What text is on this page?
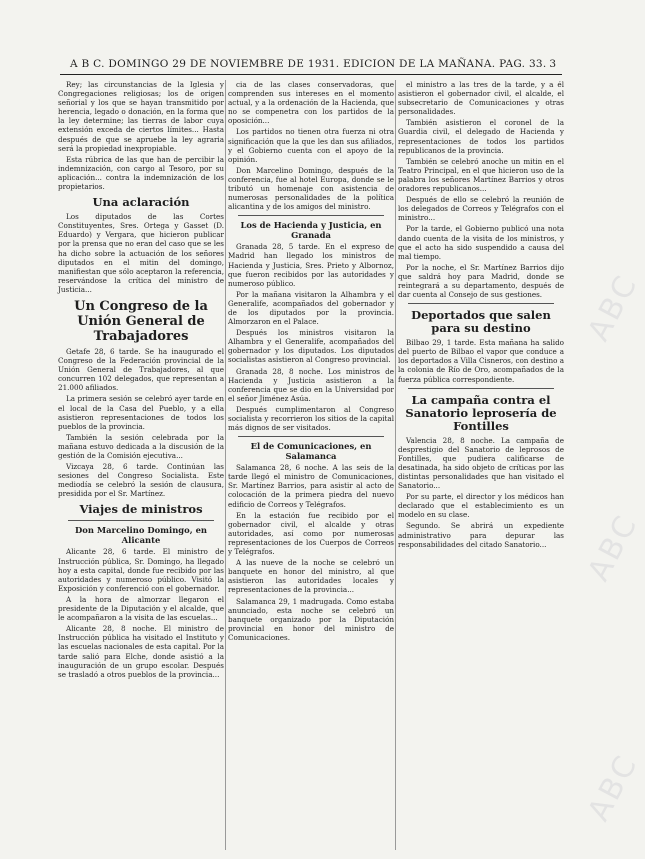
A B C. DOMINGO 29 DE NOVIEMBRE DE 1931. EDICION DE LA MAÑANA. PAG. 33. 3

Rey; las circunstancias de la Iglesia y Congregaciones religiosas; los de origen señorial y los que se hayan transmitido por herencia, legado o donación, en la forma que la ley determine; las tierras de labor cuya extensión exceda de ciertos límites... Hasta después de que se apruebe la ley agraria será la propiedad inexpropiable.

Esta rúbrica de las que han de percibir la indemnización, con cargo al Tesoro, por su aplicación... contra la indemnización de los propietarios.

Una aclaración

Los diputados de las Cortes Constituyentes, Sres. Ortega y Gasset (D. Eduardo) y Vergara, que hicieron publicar por la prensa que no eran del caso que se les ha dicho sobre la actuación de los señores diputados en el mitin del domingo, manifiestan que sólo aceptaron la referencia, reservándose la crítica del ministro de Justicia...

Un Congreso de la Unión General de Trabajadores

Getafe 28, 6 tarde. Se ha inaugurado el Congreso de la Federación provincial de la Unión General de Trabajadores, al que concurren 102 delegados, que representan a 21.000 afiliados.

La primera sesión se celebró ayer tarde en el local de la Casa del Pueblo, y a ella asistieron representaciones de todos los pueblos de la provincia.

También la sesión celebrada por la mañana estuvo dedicada a la discusión de la gestión de la Comisión ejecutiva...

Vizcaya 28, 6 tarde. Continúan las sesiones del Congreso Socialista. Este mediodía se celebró la sesión de clausura, presidida por el Sr. Martínez.

Viajes de ministros
Don Marcelino Domingo, en Alicante

Alicante 28, 6 tarde. El ministro de Instrucción pública, Sr. Domingo, ha llegado hoy a esta capital, donde fue recibido por las autoridades y numeroso público. Visitó la Exposición y conferenció con el gobernador.

A la hora de almorzar llegaron el presidente de la Diputación y el alcalde, que le acompañaron a la visita de las escuelas...

Alicante 28, 8 noche. El ministro de Instrucción pública ha visitado el Instituto y las escuelas nacionales de esta capital. Por la tarde salió para Elche, donde asistió a la inauguración de un grupo escolar. Después se trasladó a otros pueblos de la provincia...

cia de las clases conservadoras, que comprenden sus intereses en el momento actual, y a la ordenación de la Hacienda, que no se compenetra con los partidos de la oposición...

Los partidos no tienen otra fuerza ni otra significación que la que les dan sus afiliados, y el Gobierno cuenta con el apoyo de la opinión.

Don Marcelino Domingo, después de la conferencia, fue al hotel Europa, donde se le tributó un homenaje con asistencia de numerosas personalidades de la política alicantina y de los amigos del ministro.

Los de Hacienda y Justicia, en Granada

Granada 28, 5 tarde. En el expreso de Madrid han llegado los ministros de Hacienda y Justicia, Sres. Prieto y Albornoz, que fueron recibidos por las autoridades y numeroso público.

Por la mañana visitaron la Alhambra y el Generalife, acompañados del gobernador y de los diputados por la provincia. Almorzaron en el Palace.

Después los ministros visitaron la Alhambra y el Generalife, acompañados del gobernador y los diputados. Los diputados socialistas asistieron al Congreso provincial.

Granada 28, 8 noche. Los ministros de Hacienda y Justicia asistieron a la conferencia que se dio en la Universidad por el señor Jiménez Asúa.

Después cumplimentaron al Congreso socialista y recorrieron los sitios de la capital más dignos de ser visitados.

El de Comunicaciones, en Salamanca

Salamanca 28, 6 noche. A las seis de la tarde llegó el ministro de Comunicaciones, Sr. Martínez Barrios, para asistir al acto de colocación de la primera piedra del nuevo edificio de Correos y Telégrafos.

En la estación fue recibido por el gobernador civil, el alcalde y otras autoridades, así como por numerosas representaciones de los Cuerpos de Correos y Telégrafos.

A las nueve de la noche se celebró un banquete en honor del ministro, al que asistieron las autoridades locales y representaciones de la provincia...

Salamanca 29, 1 madrugada. Como estaba anunciado, esta noche se celebró un banquete organizado por la Diputación provincial en honor del ministro de Comunicaciones.

el ministro a las tres de la tarde, y a él asistieron el gobernador civil, el alcalde, el subsecretario de Comunicaciones y otras personalidades.

También asistieron el coronel de la Guardia civil, el delegado de Hacienda y representaciones de todos los partidos republicanos de la provincia.

También se celebró anoche un mitin en el Teatro Principal, en el que hicieron uso de la palabra los señores Martínez Barrios y otros oradores republicanos...

Después de ello se celebró la reunión de los delegados de Correos y Telégrafos con el ministro...

Por la tarde, el Gobierno publicó una nota dando cuenta de la visita de los ministros, y que el acto ha sido suspendido a causa del mal tiempo.

Por la noche, el Sr. Martínez Barrios dijo que saldrá hoy para Madrid, donde se reintegrará a su departamento, después de dar cuenta al Consejo de sus gestiones.

Deportados que salen para su destino

Bilbao 29, 1 tarde. Esta mañana ha salido del puerto de Bilbao el vapor que conduce a los deportados a Villa Cisneros, con destino a la colonia de Río de Oro, acompañados de la fuerza pública correspondiente.

La campaña contra el Sanatorio leprosería de Fontilles

Valencia 28, 8 noche. La campaña de desprestigio del Sanatorio de leprosos de Fontilles, que pudiera calificarse de desatinada, ha sido objeto de críticas por las distintas personalidades que han visitado el Sanatorio...

Por su parte, el director y los médicos han declarado que el establecimiento es un modelo en su clase.

Segundo. Se abrirá un expediente administrativo para depurar las responsabilidades del citado Sanatorio...

ABC
ABC
ABC
